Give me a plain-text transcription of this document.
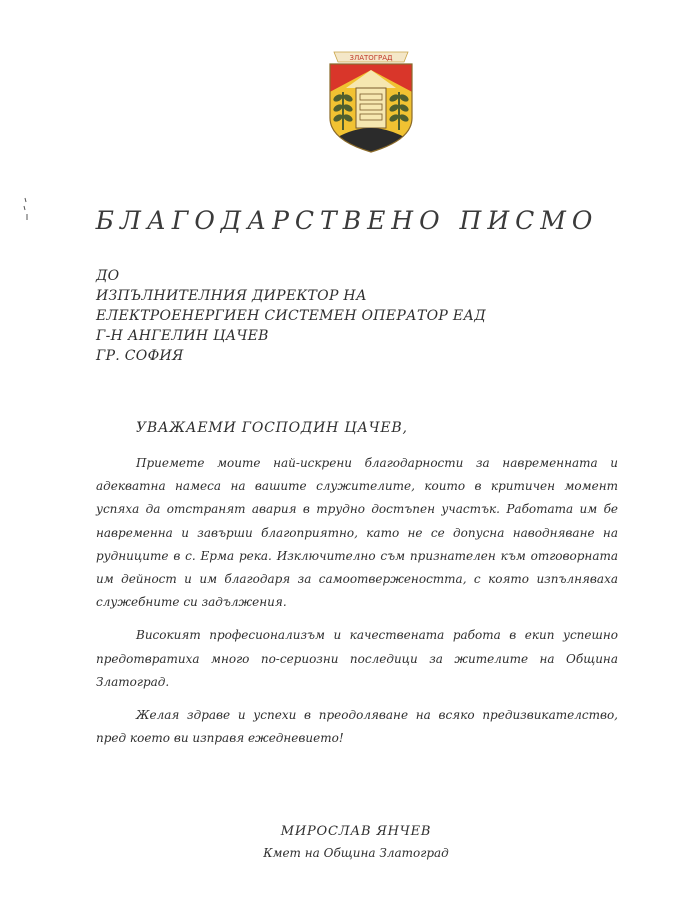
ЗЛАТОГРАД
БЛАГОДАРСТВЕНО ПИСМО
ДО
ИЗПЪЛНИТЕЛНИЯ ДИРЕКТОР НА
ЕЛЕКТРОЕНЕРГИЕН СИСТЕМЕН ОПЕРАТОР ЕАД
Г-Н АНГЕЛИН ЦАЧЕВ
ГР. СОФИЯ
УВАЖАЕМИ ГОСПОДИН ЦАЧЕВ,

Приемете моите най-искрени благодарности за навременната и адекватна намеса на вашите служителите, които в критичен момент успяха да отстранят авария в трудно достъпен участък. Работата им бе навременна и завърши благоприятно, като не се допусна наводняване на рудниците в с. Ерма река. Изключително съм признателен към отговорната им дейност и им благодаря за самоотвержеността, с която изпълняваха служебните си задължения.

Високият професионализъм и качествената работа в екип успешно предотвратиха много по-сериозни последици за жителите на Община Златоград.

Желая здраве и успехи в преодоляване на всяко предизвикателство, пред което ви изправя ежедневието!

МИРОСЛАВ ЯНЧЕВ
Кмет на Община Златоград
